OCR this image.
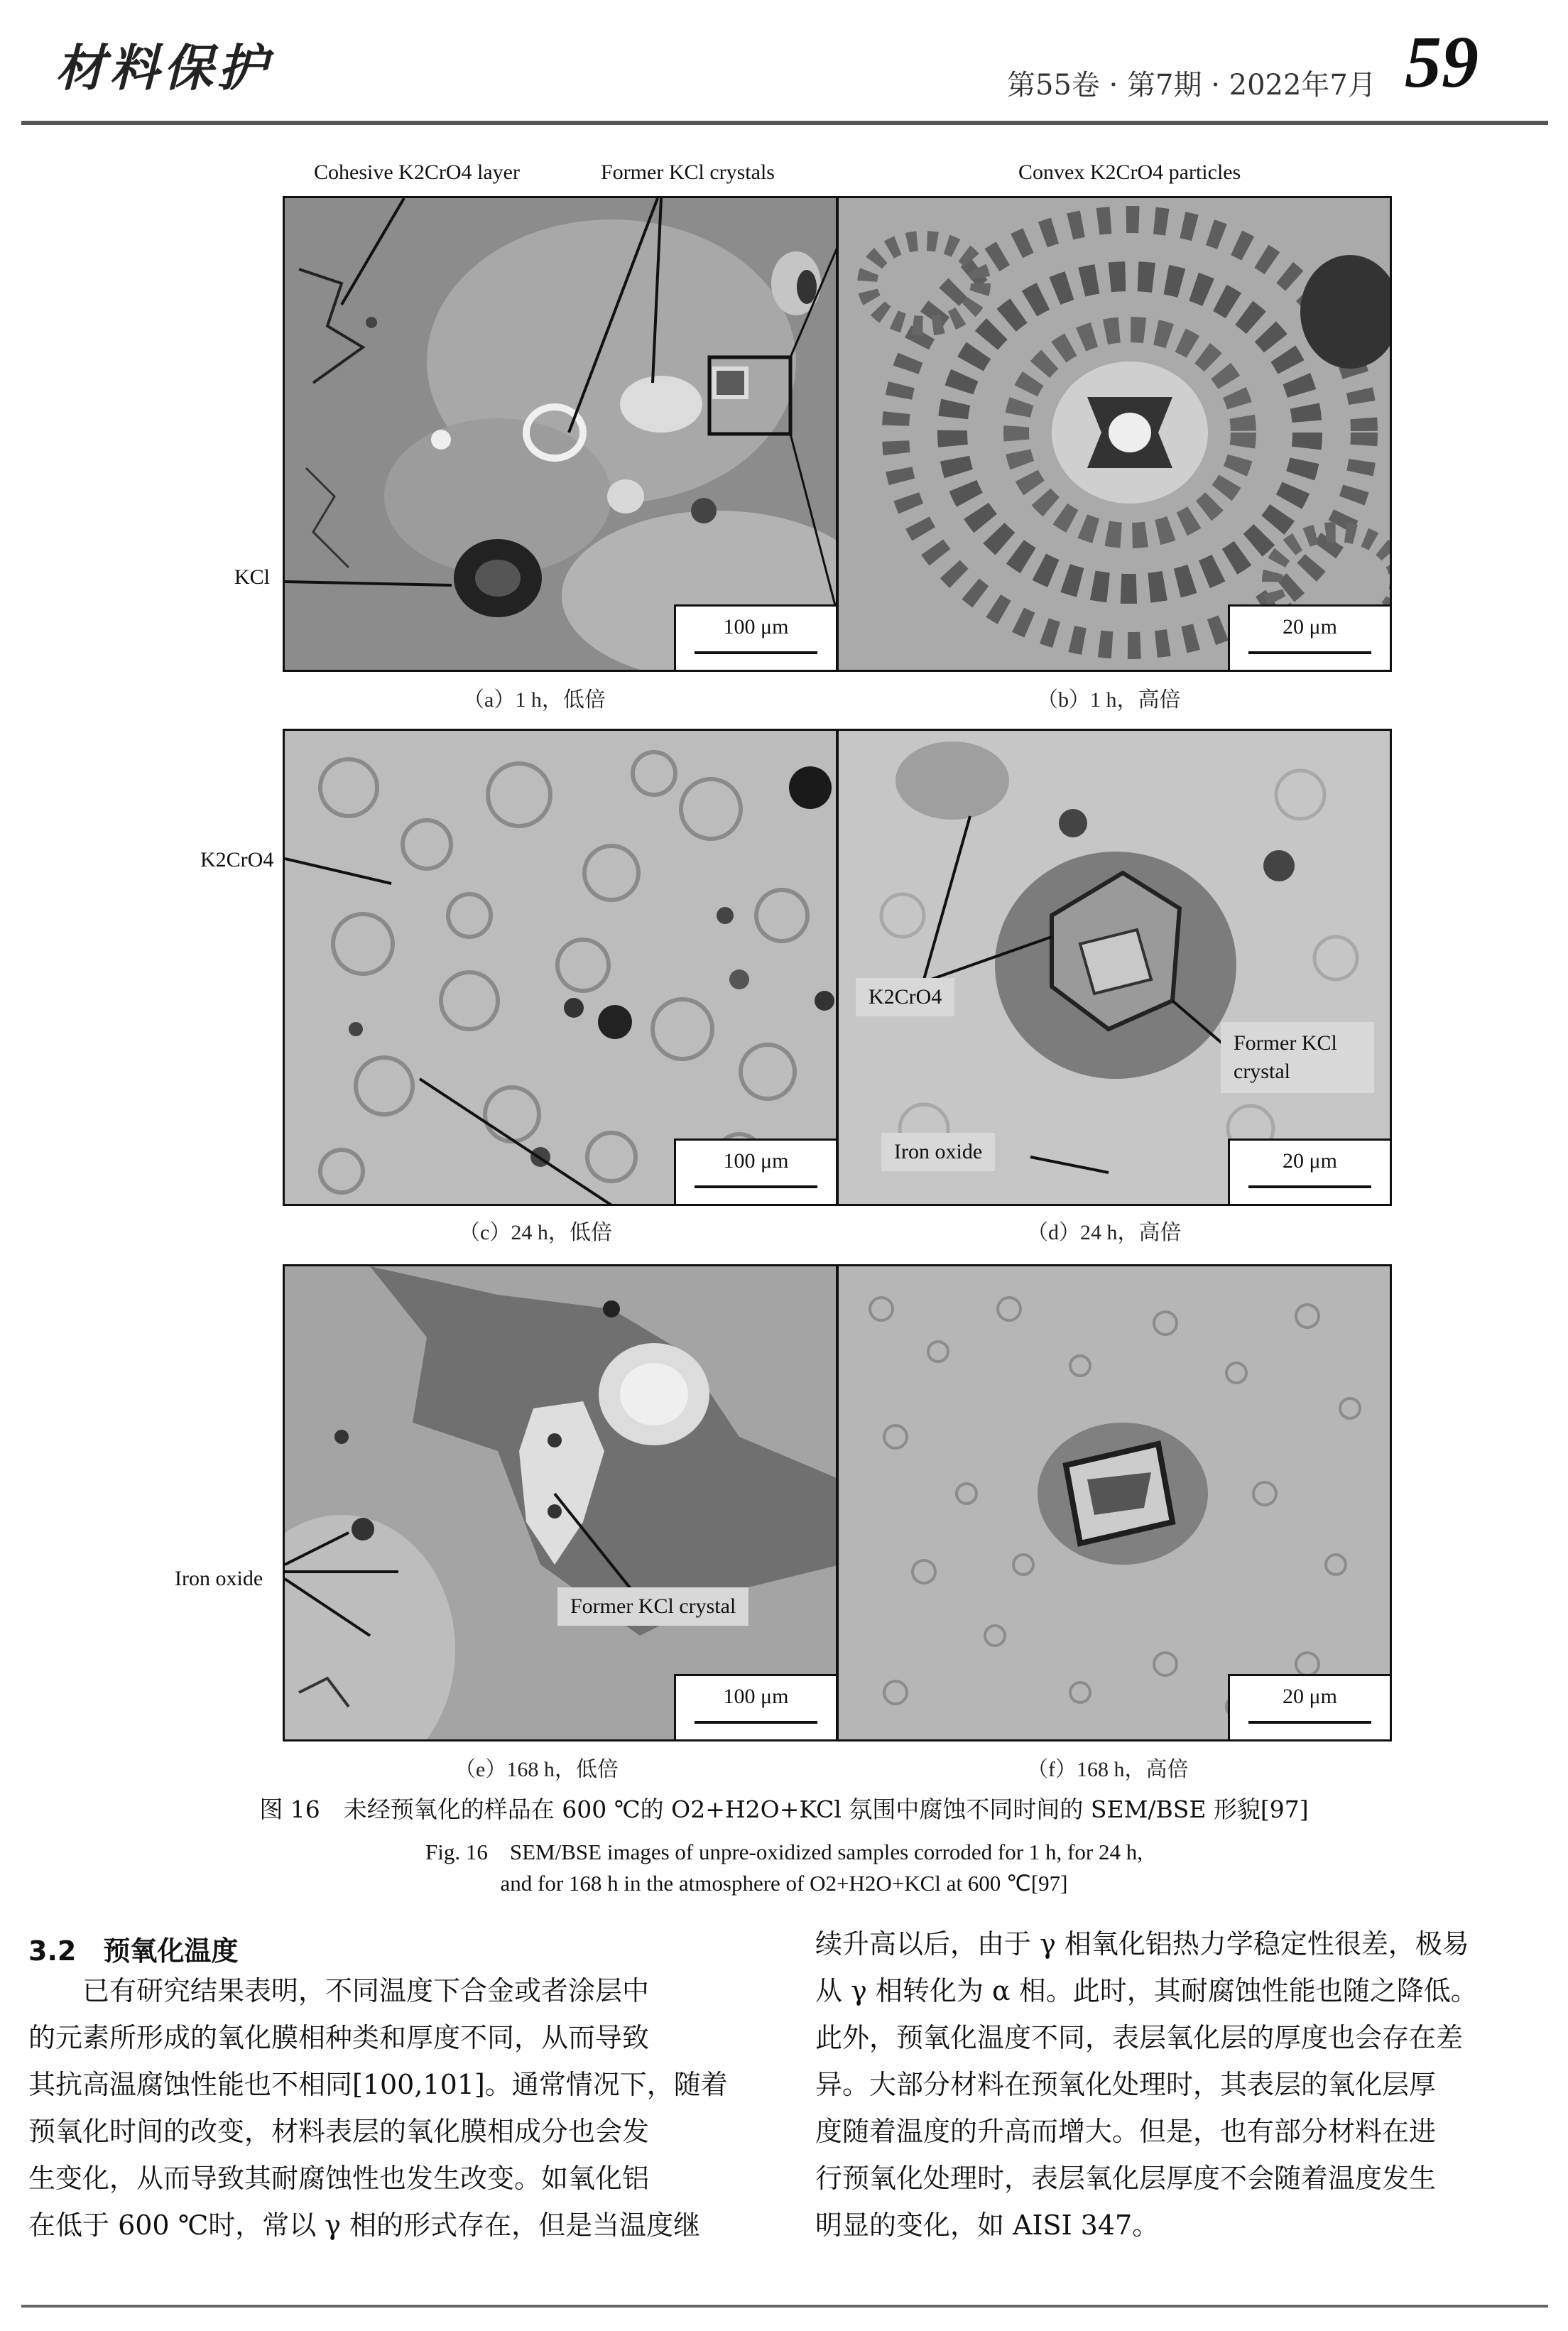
材料保护	第55卷 · 第7期 · 2022年7月 59
Cohesive K2CrO4 layer	Former KCl crystals	Convex K2CrO4 particles
KCl
K2CrO4
Iron oxide
100 μm
（a）1 h，低倍
20 μm
（b）1 h，高倍
100 μm
（c）24 h，低倍
K2CrO4
Former KCl crystal
Iron oxide	20 μm
（d）24 h，高倍
Former KCl crystal
100 μm
（e）168 h，低倍
20 μm
（f）168 h，高倍
图 16　未经预氧化的样品在 600 ℃的 O2+H2O+KCl 氛围中腐蚀不同时间的 SEM/BSE 形貌[97]
Fig. 16　SEM/BSE images of unpre-oxidized samples corroded for 1 h, for 24 h,
and for 168 h in the atmosphere of O2+H2O+KCl at 600 ℃[97]
3.2　预氧化温度
　　已有研究结果表明，不同温度下合金或者涂层中
的元素所形成的氧化膜相种类和厚度不同，从而导致
其抗高温腐蚀性能也不相同[100,101]。通常情况下，随着
预氧化时间的改变，材料表层的氧化膜相成分也会发
生变化，从而导致其耐腐蚀性也发生改变。如氧化铝
在低于 600 ℃时，常以 γ 相的形式存在，但是当温度继
续升高以后，由于 γ 相氧化铝热力学稳定性很差，极易
从 γ 相转化为 α 相。此时，其耐腐蚀性能也随之降低。
此外，预氧化温度不同，表层氧化层的厚度也会存在差
异。大部分材料在预氧化处理时，其表层的氧化层厚
度随着温度的升高而增大。但是，也有部分材料在进
行预氧化处理时，表层氧化层厚度不会随着温度发生
明显的变化，如 AISI 347。
